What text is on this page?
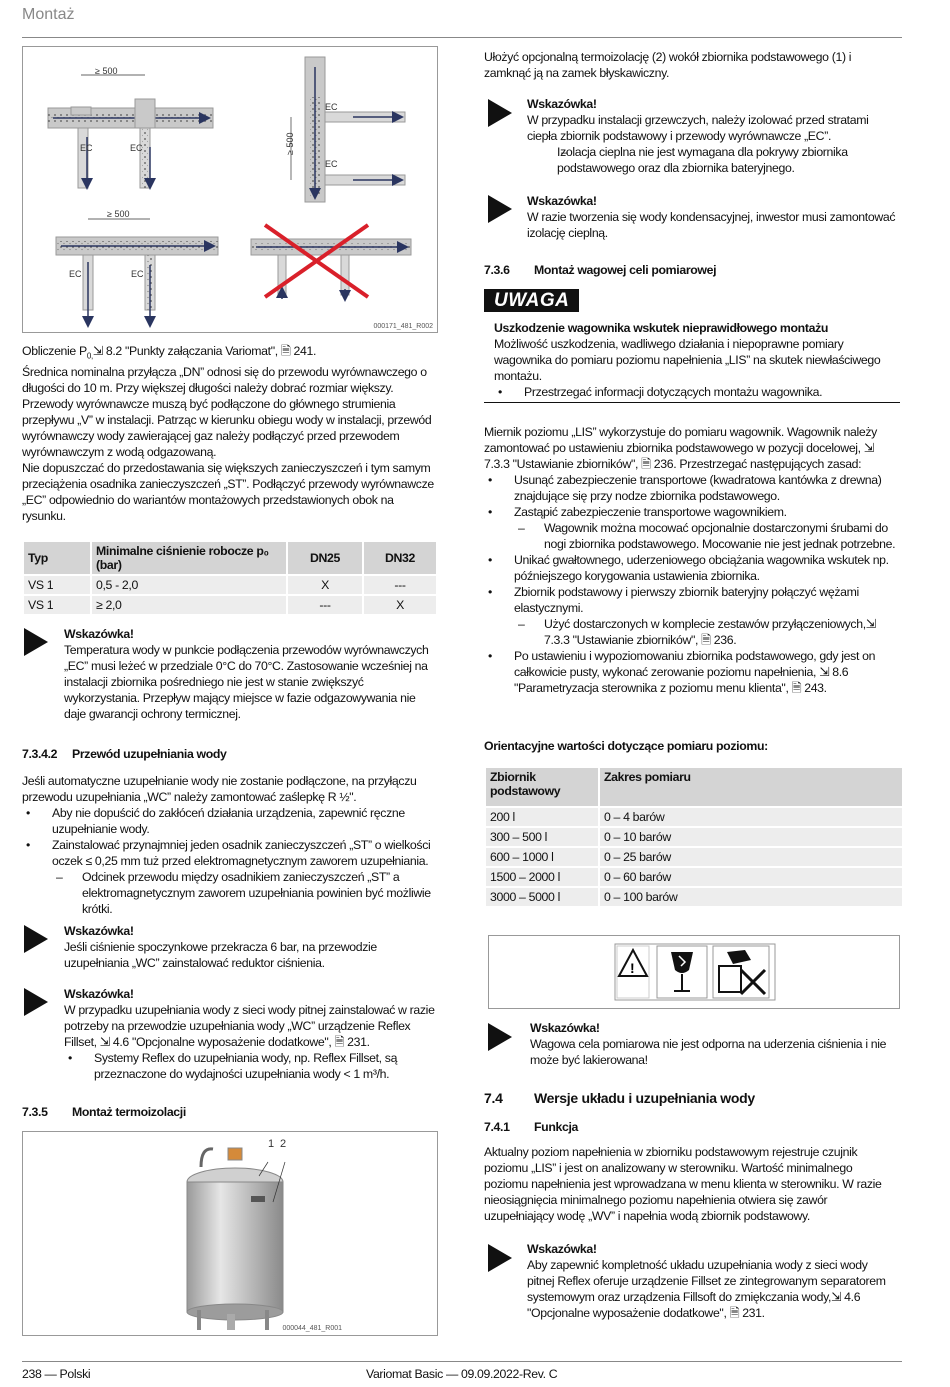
Montaż
≥ 500
EC	EC
EC
EC
≥ 500
≥ 500
EC	EC
000171_481_R002

Obliczenie $P_{0,}⇲$ 8.2 "Punkty załączania Variomat", 🗎 241.

Średnica nominalna przyłącza „DN” odnosi się do przewodu wyrównawczego o długości do 10 m. Przy większej długości należy dobrać rozmiar większy.

Przewody wyrównawcze muszą być podłączone do głównego strumienia przepływu „V” w instalacji. Patrząc w kierunku obiegu wody w instalacji, przewód wyrównawczy wody zawierającej gaz należy podłączyć przed przewodem wyrównawczym z wodą odgazowaną.

Nie dopuszczać do przedostawania się większych zanieczyszczeń i tym samym przeciążenia osadnika zanieczyszczeń „ST”. Podłączyć przewody wyrównawcze „EC” odpowiednio do wariantów montażowych przedstawionych obok na rysunku.

Typ	Minimalne ciśnienie robocze p₀ (bar)	DN25	DN32
VS 1	0,5 - 2,0	X	---
VS 1	≥ 2,0	---	X

Wskazówka!

Temperatura wody w punkcie podłączenia przewodów wyrównawczych „EC” musi leżeć w przedziale 0°C do 70°C. Zastosowanie wcześniej na instalacji zbiornika pośredniego nie jest w stanie zwiększyć wykorzystania. Przepływ mający miejsce w fazie odgazowywania nie daje gwarancji ochrony termicznej.

7.3.4.2 Przewód uzupełniania wody

Jeśli automatyczne uzupełnianie wody nie zostanie podłączone, na przyłączu przewodu uzupełniania „WC” należy zamontować zaślepkę R ½".

• Aby nie dopuścić do zakłóceń działania urządzenia, zapewnić ręczne uzupełnianie wody.

• Zainstalować przynajmniej jeden osadnik zanieczyszczeń „ST” o wielkości oczek ≤ 0,25 mm tuż przed elektromagnetycznym zaworem uzupełniania.

– Odcinek przewodu między osadnikiem zanieczyszczeń „ST” a elektromagnetycznym zaworem uzupełniania powinien być możliwie krótki.

Wskazówka!

Jeśli ciśnienie spoczynkowe przekracza 6 bar, na przewodzie uzupełniania „WC” zainstalować reduktor ciśnienia.

Wskazówka!

W przypadku uzupełniania wody z sieci wody pitnej zainstalować w razie potrzeby na przewodzie uzupełniania wody „WC” urządzenie Reflex Fillset, ⇲ 4.6 "Opcjonalne wyposażenie dodatkowe", 🗎 231.

• Systemy Reflex do uzupełniania wody, np. Reflex Fillset, są przeznaczone do wydajności uzupełniania wody < 1 m³/h.

7.3.5 Montaż termoizolacji
1 2
000044_481_R001
Ułożyć opcjonalną termoizolację (2) wokół zbiornika podstawowego (1) i zamknąć ją na zamek błyskawiczny.

Wskazówka!

W przypadku instalacji grzewczych, należy izolować przed stratami ciepła zbiornik podstawowy i przewody wyrównawcze „EC”.

– Izolacja cieplna nie jest wymagana dla pokrywy zbiornika podstawowego oraz dla zbiornika bateryjnego.

Wskazówka!

W razie tworzenia się wody kondensacyjnej, inwestor musi zamontować izolację cieplną.

7.3.6 Montaż wagowej celi pomiarowej
UWAGA

Uszkodzenie wagownika wskutek nieprawidłowego montażu

Możliwość uszkodzenia, wadliwego działania i niepoprawne pomiary wagownika do pomiaru poziomu napełnienia „LIS” na skutek niewłaściwego montażu.

• Przestrzegać informacji dotyczących montażu wagownika.

Miernik poziomu „LIS” wykorzystuje do pomiaru wagownik. Wagownik należy zamontować po ustawieniu zbiornika podstawowego w pozycji docelowej, ⇲ 7.3.3 "Ustawianie zbiorników", 🗎 236. Przestrzegać następujących zasad:

• Usunąć zabezpieczenie transportowe (kwadratowa kantówka z drewna) znajdujące się przy nodze zbiornika podstawowego.

• Zastąpić zabezpieczenie transportowe wagownikiem.

– Wagownik można mocować opcjonalnie dostarczonymi śrubami do nogi zbiornika podstawowego. Mocowanie nie jest jednak potrzebne.

• Unikać gwałtownego, uderzeniowego obciążania wagownika wskutek np. późniejszego korygowania ustawienia zbiornika.

• Zbiornik podstawowy i pierwszy zbiornik bateryjny połączyć wężami elastycznymi.

– Użyć dostarczonych w komplecie zestawów przyłączeniowych,⇲ 7.3.3 "Ustawianie zbiorników", 🗎 236.

• Po ustawieniu i wypoziomowaniu zbiornika podstawowego, gdy jest on całkowicie pusty, wykonać zerowanie poziomu napełnienia, ⇲ 8.6 "Parametryzacja sterownika z poziomu menu klienta", 🗎 243.

Orientacyjne wartości dotyczące pomiaru poziomu:
Zbiornik podstawowy	Zakres pomiaru
200 l	0 – 4 barów
300 – 500 l	0 – 10 barów
600 – 1000 l	0 – 25 barów
1500 – 2000 l	0 – 60 barów
3000 – 5000 l	0 – 100 barów
!

Wskazówka!

Wagowa cela pomiarowa nie jest odporna na uderzenia ciśnienia i nie może być lakierowana!

7.4 Wersje układu i uzupełniania wody
7.4.1 Funkcja
Aktualny poziom napełnienia w zbiorniku podstawowym rejestruje czujnik poziomu „LIS” i jest on analizowany w sterowniku. Wartość minimalnego poziomu napełnienia jest wprowadzana w menu klienta w sterowniku. W razie nieosiągnięcia minimalnego poziomu napełnienia otwiera się zawór uzupełniający wodę „WV” i napełnia wodą zbiornik podstawowy.

Wskazówka!

Aby zapewnić kompletność układu uzupełniania wody z sieci wody pitnej Reflex oferuje urządzenie Fillset ze zintegrowanym separatorem systemowym oraz urządzenia Fillsoft do zmiękczania wody,⇲ 4.6 "Opcjonalne wyposażenie dodatkowe", 🗎 231.

238 — Polski	Variomat Basic — 09.09.2022-Rev. C
